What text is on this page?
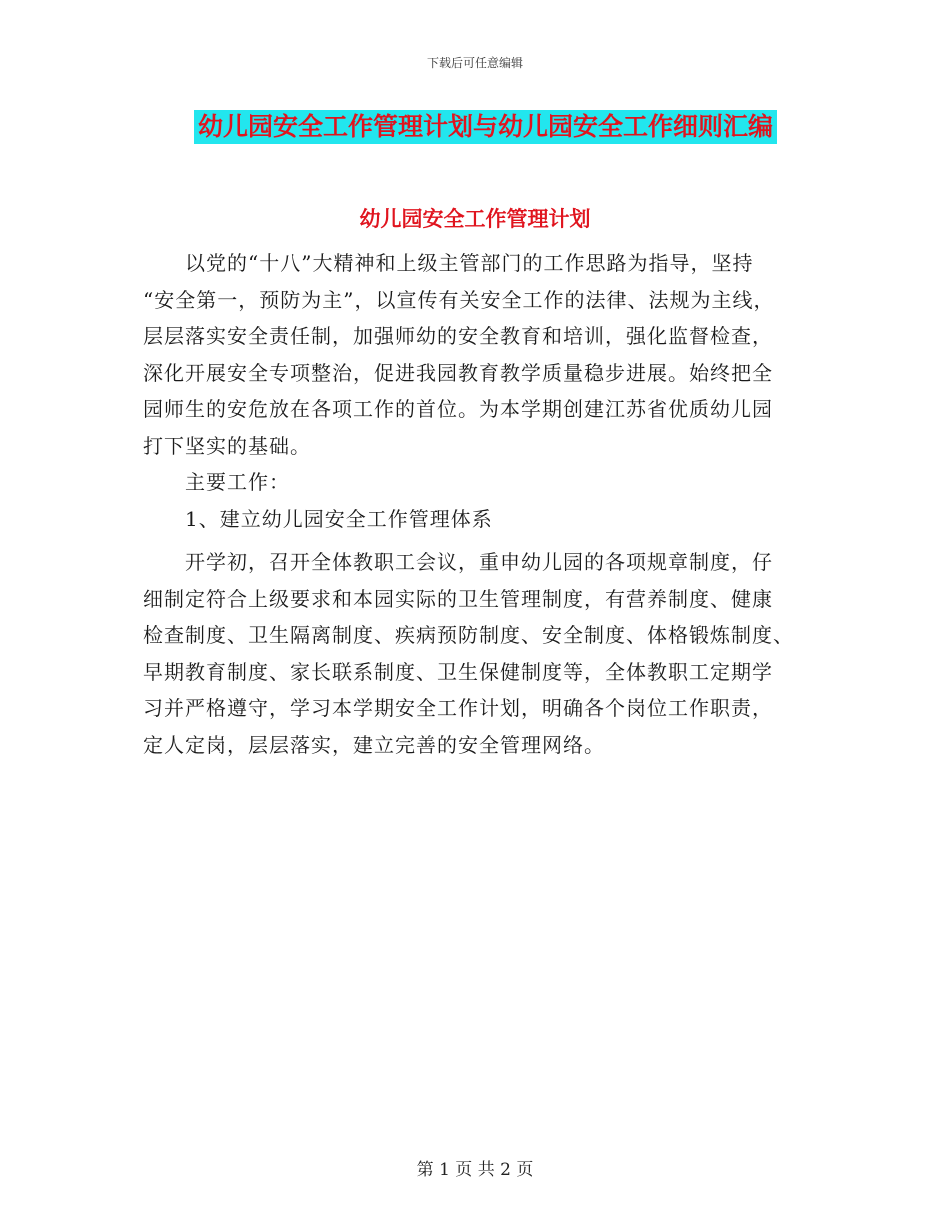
下载后可任意编辑
幼儿园安全工作管理计划与幼儿园安全工作细则汇编
幼儿园安全工作管理计划

　　以党的“十八”大精神和上级主管部门的工作思路为指导，坚持

“安全第一，预防为主”，以宣传有关安全工作的法律、法规为主线，

层层落实安全责任制，加强师幼的安全教育和培训，强化监督检查，

深化开展安全专项整治，促进我园教育教学质量稳步进展。始终把全

园师生的安危放在各项工作的首位。为本学期创建江苏省优质幼儿园

打下坚实的基础。

　　主要工作：

　　1、建立幼儿园安全工作管理体系

　　开学初，召开全体教职工会议，重申幼儿园的各项规章制度，仔

细制定符合上级要求和本园实际的卫生管理制度，有营养制度、健康

检查制度、卫生隔离制度、疾病预防制度、安全制度、体格锻炼制度、

早期教育制度、家长联系制度、卫生保健制度等，全体教职工定期学

习并严格遵守，学习本学期安全工作计划，明确各个岗位工作职责，

定人定岗，层层落实，建立完善的安全管理网络。

第 1 页 共 2 页
